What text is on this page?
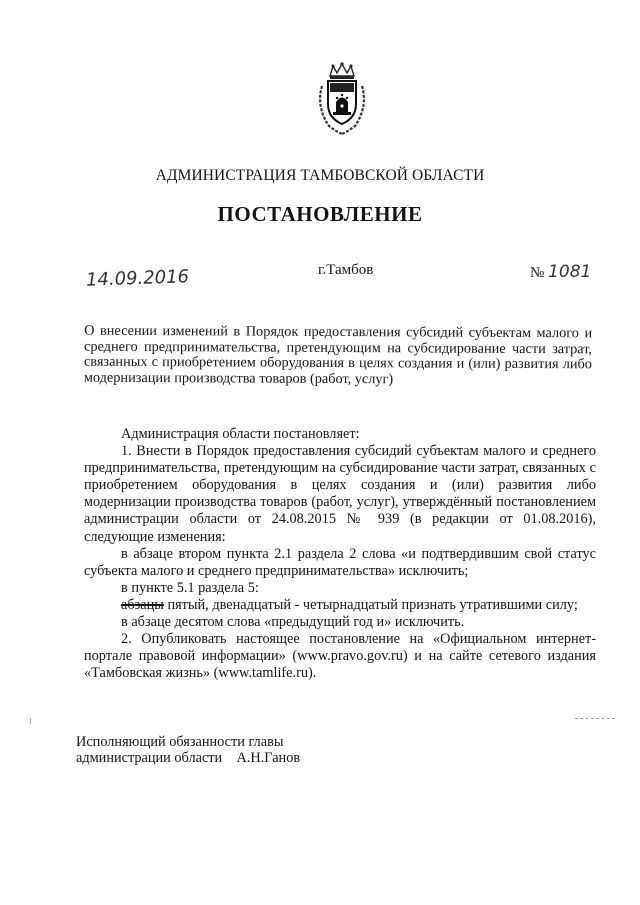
АДМИНИСТРАЦИЯ ТАМБОВСКОЙ ОБЛАСТИ
ПОСТАНОВЛЕНИЕ
14.09.2016	г.Тамбов	№ 1081
О внесении изменений в Порядок предоставления субсидий субъектам малого и среднего предпринимательства, претендующим на субсидирование части затрат, связанных с приобретением оборудования в целях создания и (или) развития либо модернизации производства товаров (работ, услуг)

Администрация области постановляет:

1. Внести в Порядок предоставления субсидий субъектам малого и среднего предпринимательства, претендующим на субсидирование части затрат, связанных с приобретением оборудования в целях создания и (или) развития либо модернизации производства товаров (работ, услуг), утверждённый постановлением администрации области от 24.08.2015 № 939 (в редакции от 01.08.2016), следующие изменения:

в абзаце втором пункта 2.1 раздела 2 слова «и подтвердившим свой статус субъекта малого и среднего предпринимательства» исключить;

в пункте 5.1 раздела 5:

абзацы пятый, двенадцатый - четырнадцатый признать утратившими силу;

в абзаце десятом слова «предыдущий год и» исключить.

2. Опубликовать настоящее постановление на «Официальном интернет-портале правовой информации» (www.pravo.gov.ru) и на сайте сетевого издания «Тамбовская жизнь» (www.tamlife.ru).

Исполняющий обязанности главы
администрации области А.Н.Ганов
